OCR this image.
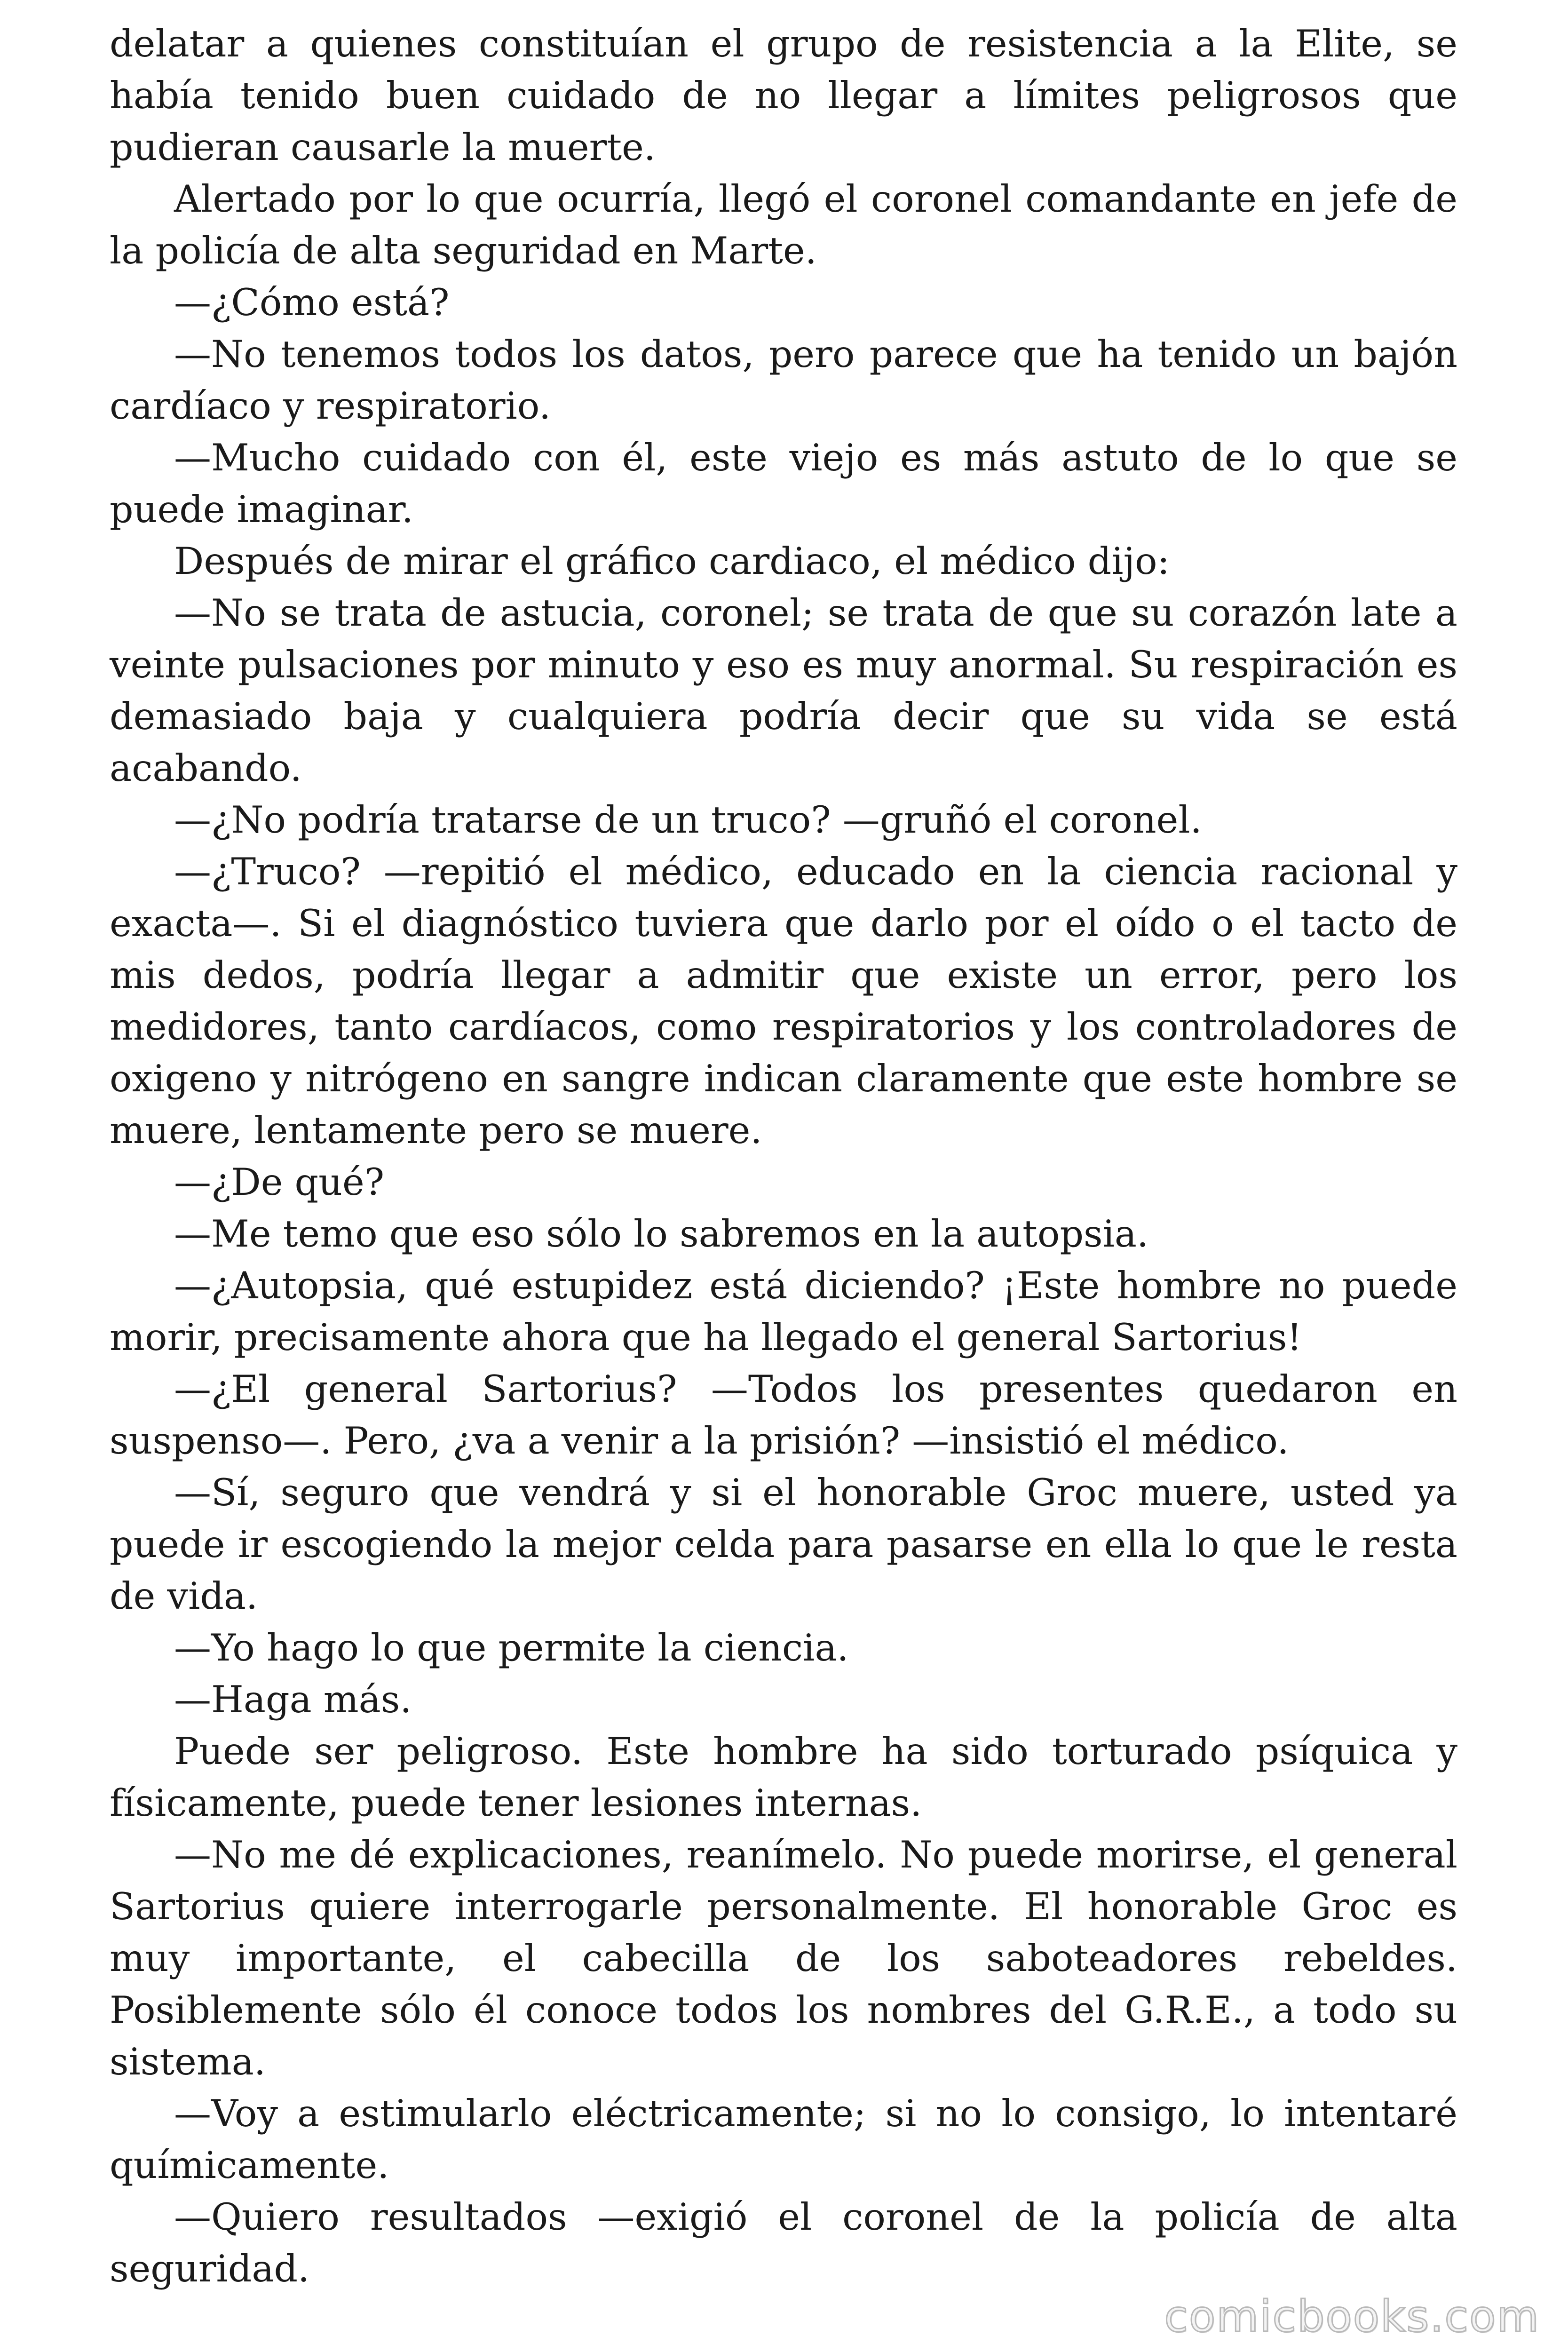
delatar a quienes constituían el grupo de resistencia a la Elite, se había tenido buen cuidado de no llegar a límites peligrosos que pudieran causarle la muerte.

Alertado por lo que ocurría, llegó el coronel comandante en jefe de la policía de alta seguridad en Marte.

—¿Cómo está?

—No tenemos todos los datos, pero parece que ha tenido un bajón cardíaco y respiratorio.

—Mucho cuidado con él, este viejo es más astuto de lo que se puede imaginar.

Después de mirar el gráfico cardiaco, el médico dijo:

—No se trata de astucia, coronel; se trata de que su corazón late a veinte pulsaciones por minuto y eso es muy anormal. Su respiración es demasiado baja y cualquiera podría decir que su vida se está acabando.

—¿No podría tratarse de un truco? —gruñó el coronel.

—¿Truco? —repitió el médico, educado en la ciencia racional y exacta—. Si el diagnóstico tuviera que darlo por el oído o el tacto de mis dedos, podría llegar a admitir que existe un error, pero los medidores, tanto cardíacos, como respiratorios y los controladores de oxigeno y nitrógeno en sangre indican claramente que este hombre se muere, lentamente pero se muere.

—¿De qué?

—Me temo que eso sólo lo sabremos en la autopsia.

—¿Autopsia, qué estupidez está diciendo? ¡Este hombre no puede morir, precisamente ahora que ha llegado el general Sartorius!

—¿El general Sartorius? —Todos los presentes quedaron en suspenso—. Pero, ¿va a venir a la prisión? —insistió el médico.

—Sí, seguro que vendrá y si el honorable Groc muere, usted ya puede ir escogiendo la mejor celda para pasarse en ella lo que le resta de vida.

—Yo hago lo que permite la ciencia.

—Haga más.

Puede ser peligroso. Este hombre ha sido torturado psíquica y físicamente, puede tener lesiones internas.

—No me dé explicaciones, reanímelo. No puede morirse, el general Sartorius quiere interrogarle personalmente. El honorable Groc es muy importante, el cabecilla de los saboteadores rebeldes. Posiblemente sólo él conoce todos los nombres del G.R.E., a todo su sistema.

—Voy a estimularlo eléctricamente; si no lo consigo, lo intentaré químicamente.

—Quiero resultados —exigió el coronel de la policía de alta seguridad.

comicbooks.com
